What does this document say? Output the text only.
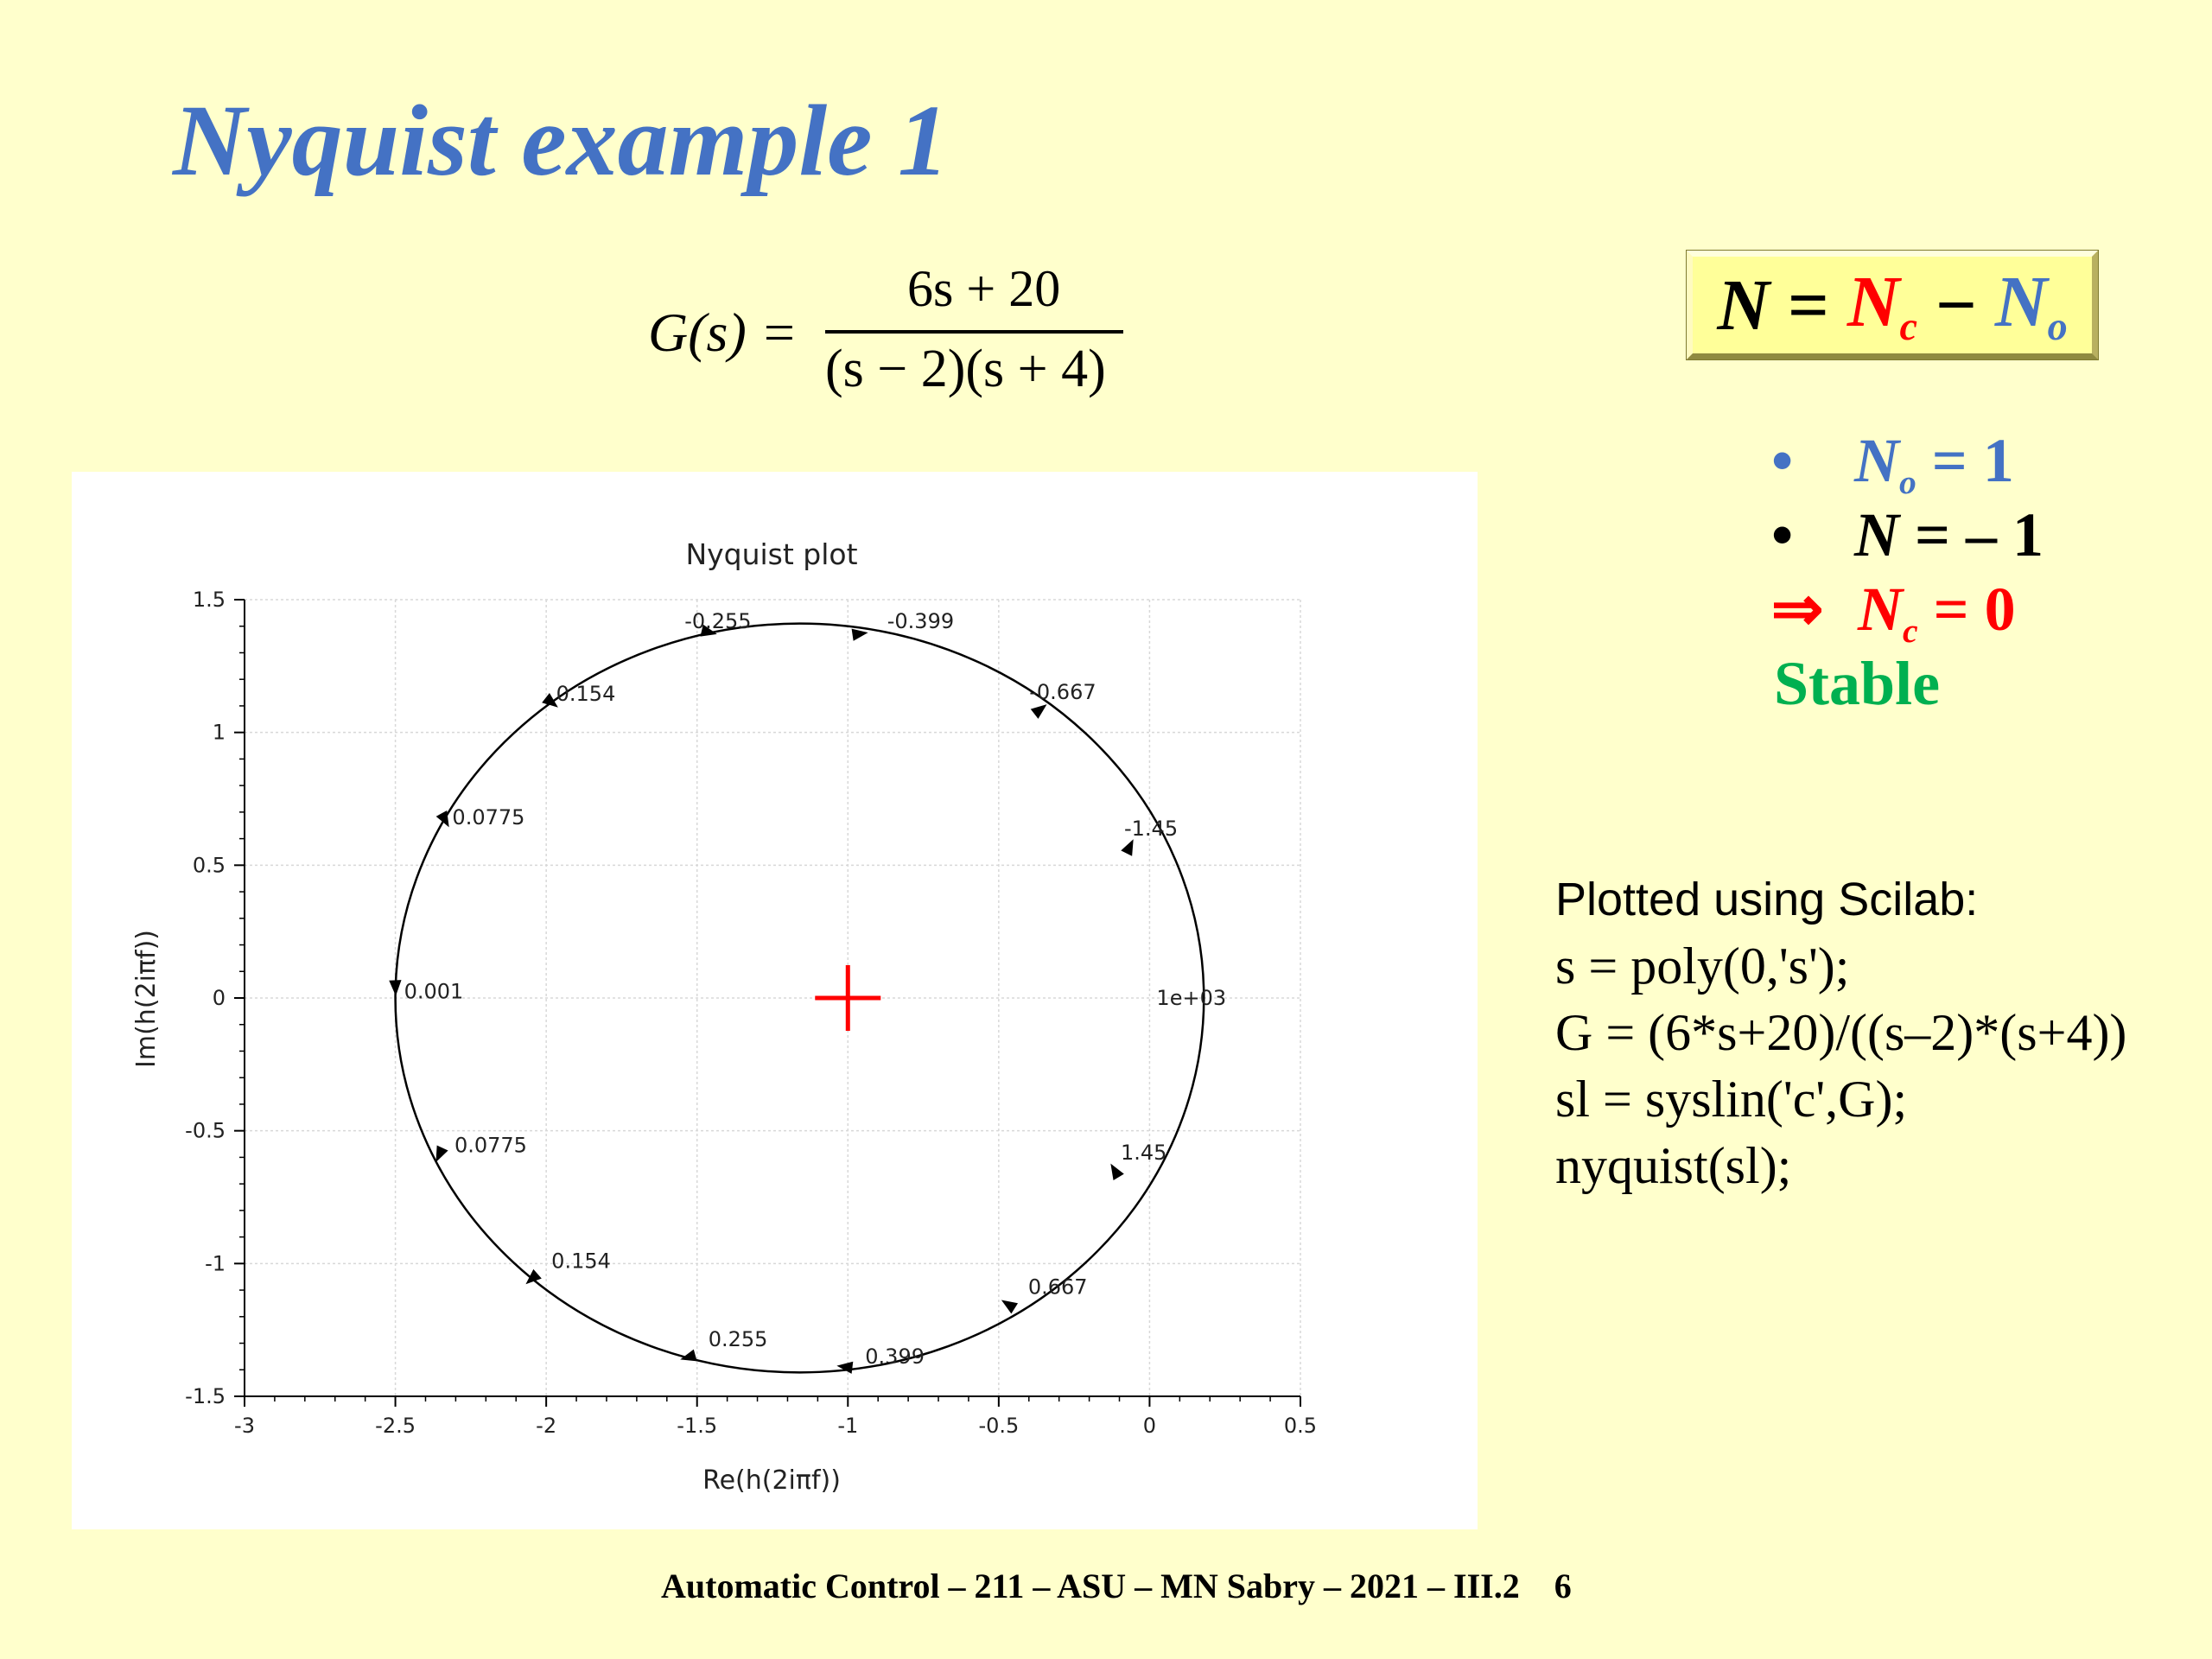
Nyquist example 1
G(s) =
6s + 20
(s − 2)(s + 4)
$N = N_c - N_o$
• $N_o = 1$
• N = – 1
⇒ $N_c = 0$
Stable
Plotted using Scilab:
s = poly(0,'s');
G = (6*s+20)/((s–2)*(s+4))
sl = syslin('c',G);
nyquist(sl);
Nyquist plot
-3	-2.5	-2	-1.5	-1	-0.5	0	0.5
-1.5
-1
-0.5
0
0.5
1
1.5
-0.255	-0.399
-0.667
-1.45
1e+03
1.45
0.667
0.399
0.255
0.154
0.0775
0.001
0.0775
0.154
Re(h(2iπf))
Im(h(2iπf))
Automatic Control – 211 – ASU – MN Sabry – 2021 – III.2 6
